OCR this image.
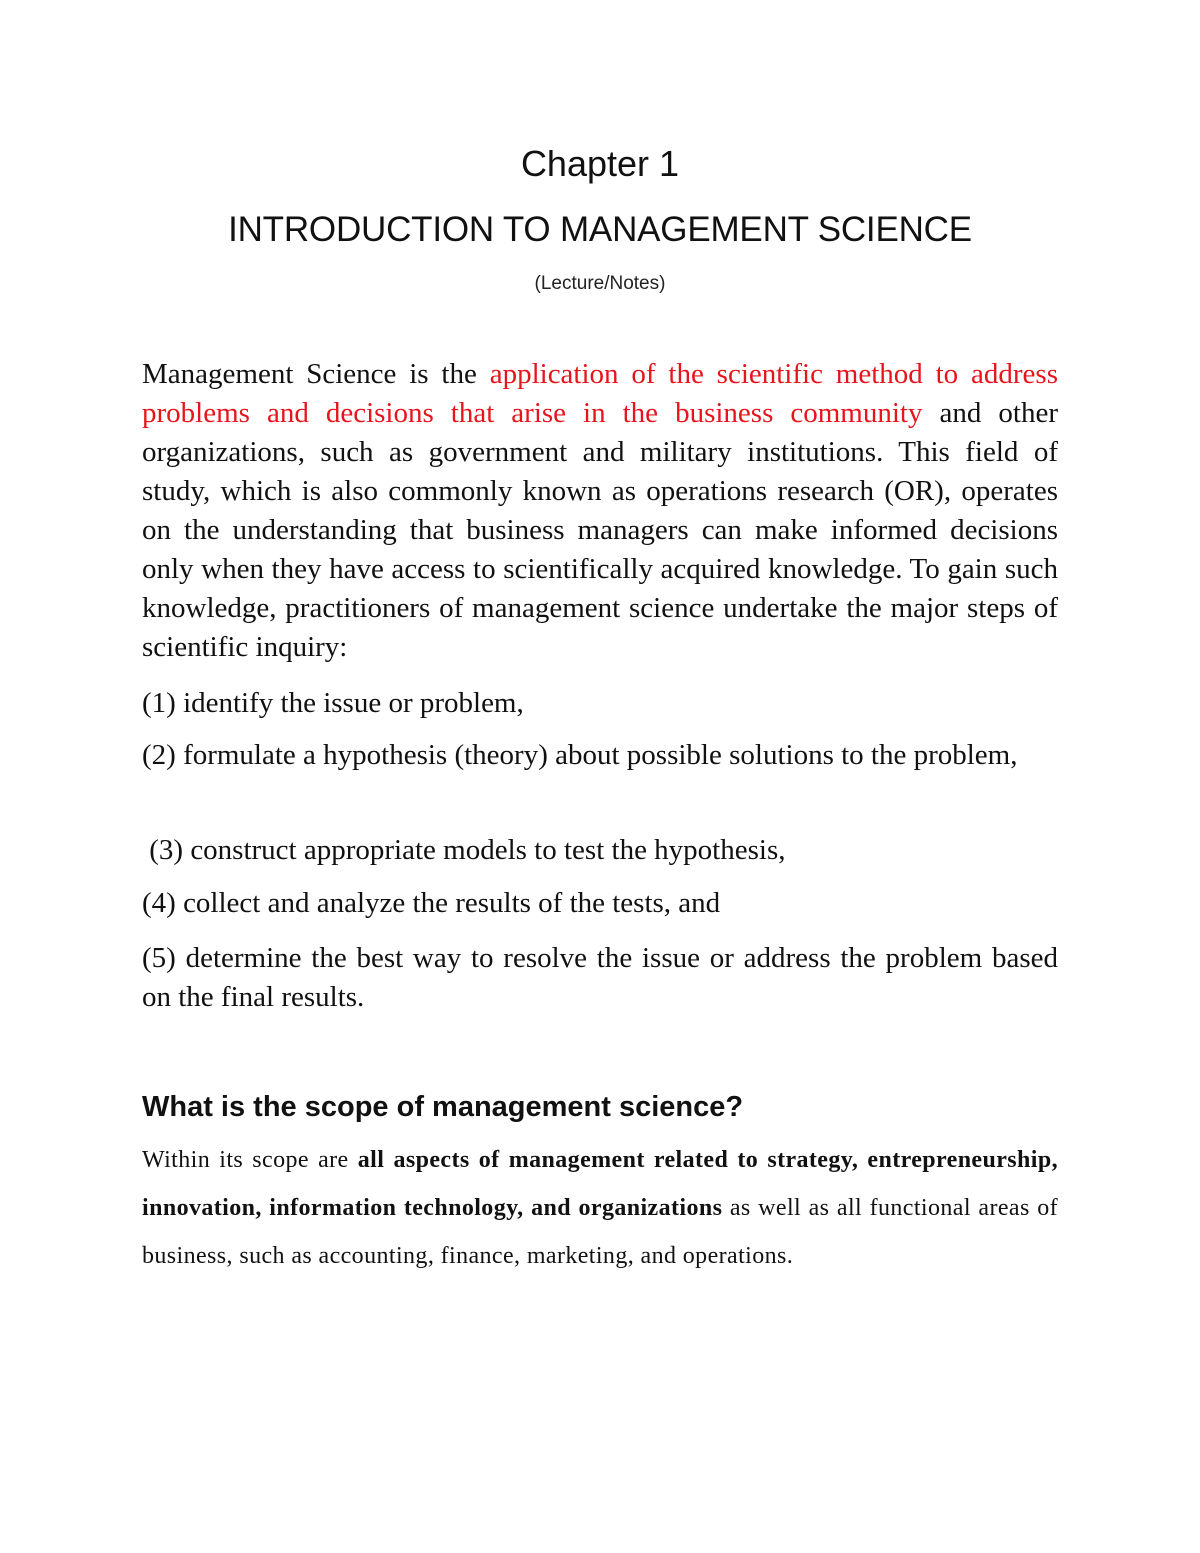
Chapter 1
INTRODUCTION TO MANAGEMENT SCIENCE
(Lecture/Notes)

Management Science is the application of the scientific method to address problems and decisions that arise in the business community and other organizations, such as government and military institutions. This field of study, which is also commonly known as operations research (OR), operates on the understanding that business managers can make informed decisions only when they have access to scientifically acquired knowledge. To gain such knowledge, practitioners of management science undertake the major steps of scientific inquiry:

(1) identify the issue or problem,

(2) formulate a hypothesis (theory) about possible solutions to the problem,

(3) construct appropriate models to test the hypothesis,

(4) collect and analyze the results of the tests, and

(5) determine the best way to resolve the issue or address the problem based on the final results.

What is the scope of management science?

Within its scope are all aspects of management related to strategy, entrepreneurship, innovation, information technology, and organizations as well as all functional areas of business, such as accounting, finance, marketing, and operations.
